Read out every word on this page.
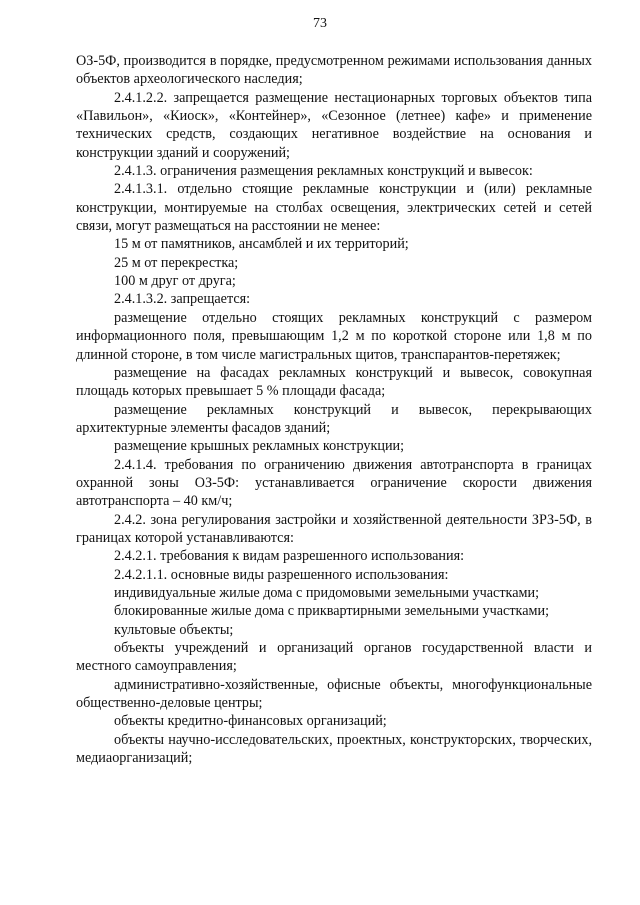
73

ОЗ-5Ф, производится в порядке, предусмотренном режимами использования данных объектов археологического наследия;

2.4.1.2.2. запрещается размещение нестационарных торговых объектов типа «Павильон», «Киоск», «Контейнер», «Сезонное (летнее) кафе» и применение технических средств, создающих негативное воздействие на основания и конструкции зданий и сооружений;

2.4.1.3. ограничения размещения рекламных конструкций и вывесок:

2.4.1.3.1. отдельно стоящие рекламные конструкции и (или) рекламные конструкции, монтируемые на столбах освещения, электрических сетей и сетей связи, могут размещаться на расстоянии не менее:

15 м от памятников, ансамблей и их территорий;

25 м от перекрестка;

100 м друг от друга;

2.4.1.3.2. запрещается:

размещение отдельно стоящих рекламных конструкций с размером информационного поля, превышающим 1,2 м по короткой стороне или 1,8 м по длинной стороне, в том числе магистральных щитов, транспарантов-перетяжек;

размещение на фасадах рекламных конструкций и вывесок, совокупная площадь которых превышает 5 % площади фасада;

размещение рекламных конструкций и вывесок, перекрывающих архитектурные элементы фасадов зданий;

размещение крышных рекламных конструкции;

2.4.1.4. требования по ограничению движения автотранспорта в границах охранной зоны ОЗ-5Ф: устанавливается ограничение скорости движения автотранспорта – 40 км/ч;

2.4.2. зона регулирования застройки и хозяйственной деятельности ЗРЗ-5Ф, в границах которой устанавливаются:

2.4.2.1. требования к видам разрешенного использования:

2.4.2.1.1. основные виды разрешенного использования:

индивидуальные жилые дома с придомовыми земельными участками;

блокированные жилые дома с приквартирными земельными участками;

культовые объекты;

объекты учреждений и организаций органов государственной власти и местного самоуправления;

административно-хозяйственные, офисные объекты, многофункциональные общественно-деловые центры;

объекты кредитно-финансовых организаций;

объекты научно-исследовательских, проектных, конструкторских, творческих, медиаорганизаций;
